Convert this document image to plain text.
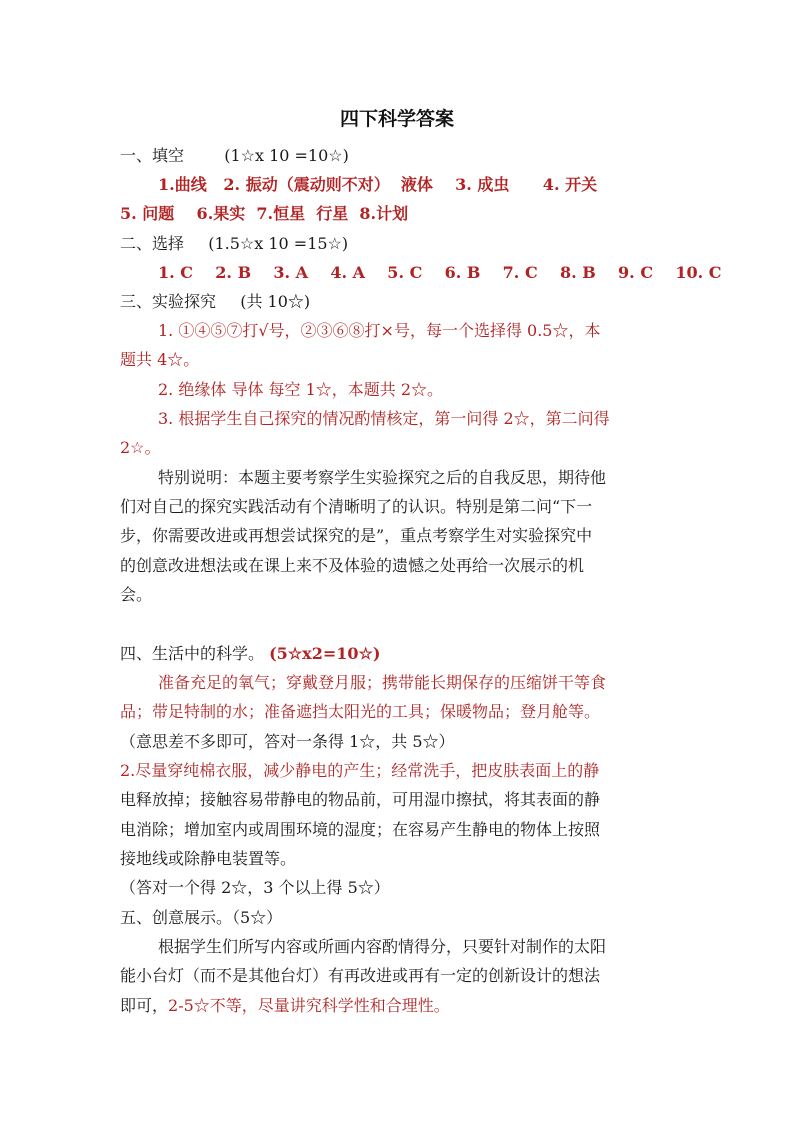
四下科学答案
一、填空	(1☆x 10 =10☆)
1.曲线   2. 振动（震动则不对）  液体    3. 成虫      4. 开关
5. 问题    6.果实  7.恒星  行星  8.计划
二、选择 (1.5☆x 10 =15☆)
1. C    2. B    3. A    4. A    5. C    6. B    7. C    8. B    9. C    10. C
三、实验探究 (共 10☆)
1. ①④⑤⑦打√号，②③⑥⑧打×号，每一个选择得 0.5☆，本
题共 4☆。
2. 绝缘体 导体 每空 1☆，本题共 2☆。
3. 根据学生自己探究的情况酌情核定，第一问得 2☆，第二问得
2☆。
特别说明：本题主要考察学生实验探究之后的自我反思，期待他
们对自己的探究实践活动有个清晰明了的认识。特别是第二问“下一
步，你需要改进或再想尝试探究的是”，重点考察学生对实验探究中
的创意改进想法或在课上来不及体验的遗憾之处再给一次展示的机
会。
四、生活中的科学。 (5☆x2=10☆)
准备充足的氧气；穿戴登月服；携带能长期保存的压缩饼干等食
品；带足特制的水；准备遮挡太阳光的工具；保暖物品；登月舱等。
（意思差不多即可，答对一条得 1☆，共 5☆）
2.尽量穿纯棉衣服，减少静电的产生；经常洗手，把皮肤表面上的静
电释放掉；接触容易带静电的物品前，可用湿巾擦拭，将其表面的静
电消除；增加室内或周围环境的湿度；在容易产生静电的物体上按照
接地线或除静电装置等。
（答对一个得 2☆，3 个以上得 5☆）
五、创意展示。（5☆）
根据学生们所写内容或所画内容酌情得分，只要针对制作的太阳
能小台灯（而不是其他台灯）有再改进或再有一定的创新设计的想法
即可，2-5☆不等，尽量讲究科学性和合理性。
